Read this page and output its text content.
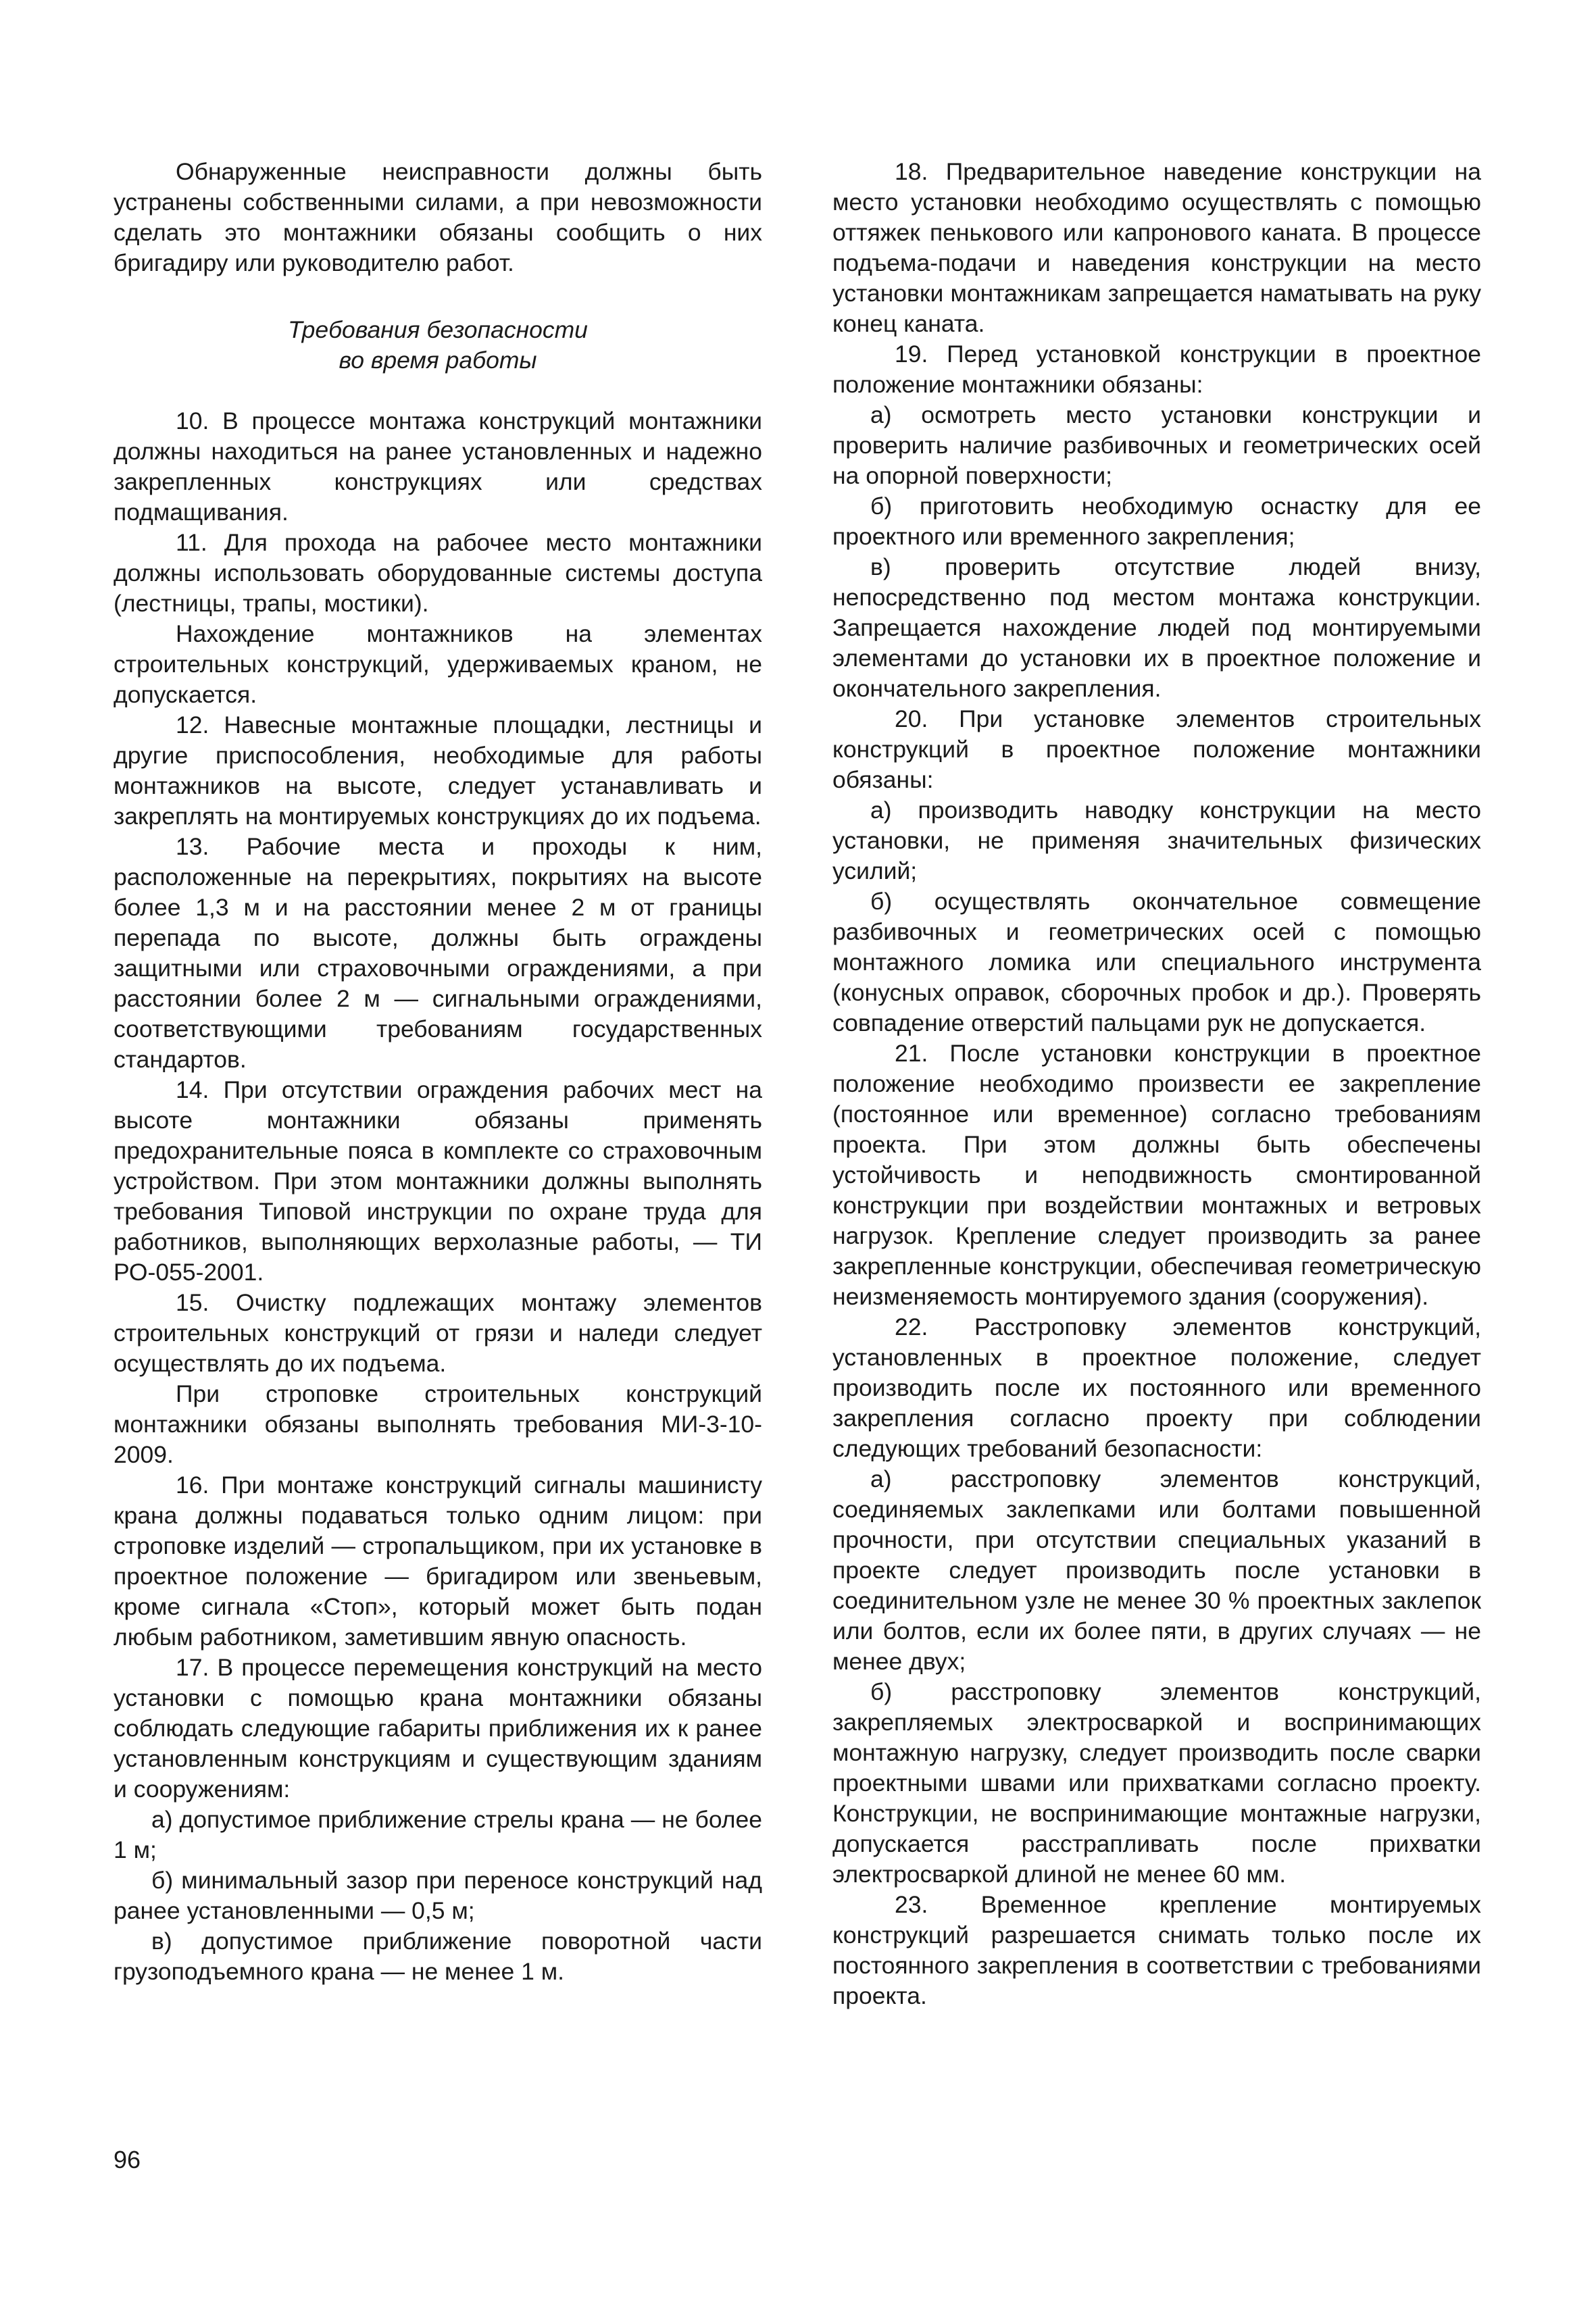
Обнаруженные неисправности должны быть устранены собственными силами, а при невозможности сделать это монтажники обязаны сообщить о них бригадиру или руководителю работ.

Требования безопасности
во время работы

10. В процессе монтажа конструкций монтажники должны находиться на ранее установленных и надежно закрепленных конструкциях или средствах подмащивания.

11. Для прохода на рабочее место монтажники должны использовать оборудованные системы доступа (лестницы, трапы, мостики).

Нахождение монтажников на элементах строительных конструкций, удерживаемых краном, не допускается.

12. Навесные монтажные площадки, лестницы и другие приспособления, необходимые для работы монтажников на высоте, следует устанавливать и закреплять на монтируемых конструкциях до их подъема.

13. Рабочие места и проходы к ним, расположенные на перекрытиях, покрытиях на высоте более 1,3 м и на расстоянии менее 2 м от границы перепада по высоте, должны быть ограждены защитными или страховочными ограждениями, а при расстоянии более 2 м — сигнальными ограждениями, соответствующими требованиям государственных стандартов.

14. При отсутствии ограждения рабочих мест на высоте монтажники обязаны применять предохранительные пояса в комплекте со страховочным устройством. При этом монтажники должны выполнять требования Типовой инструкции по охране труда для работников, выполняющих верхолазные работы, — ТИ РО-055-2001.

15. Очистку подлежащих монтажу элементов строительных конструкций от грязи и наледи следует осуществлять до их подъема.

При строповке строительных конструкций монтажники обязаны выполнять требования МИ-3-10-2009.

16. При монтаже конструкций сигналы машинисту крана должны подаваться только одним лицом: при строповке изделий — стропальщиком, при их установке в проектное положение — бригадиром или звеньевым, кроме сигнала «Стоп», который может быть подан любым работником, заметившим явную опасность.

17. В процессе перемещения конструкций на место установки с помощью крана монтажники обязаны соблюдать следующие габариты приближения их к ранее установленным конструкциям и существующим зданиям и сооружениям:

а) допустимое приближение стрелы крана — не более 1 м;

б) минимальный зазор при переносе конструкций над ранее установленными — 0,5 м;

в) допустимое приближение поворотной части грузоподъемного крана — не менее 1 м.

18. Предварительное наведение конструкции на место установки необходимо осуществлять с помощью оттяжек пенькового или капронового каната. В процессе подъема-подачи и наведения конструкции на место установки монтажникам запрещается наматывать на руку конец каната.

19. Перед установкой конструкции в проектное положение монтажники обязаны:

а) осмотреть место установки конструкции и проверить наличие разбивочных и геометрических осей на опорной поверхности;

б) приготовить необходимую оснастку для ее проектного или временного закрепления;

в) проверить отсутствие людей внизу, непосредственно под местом монтажа конструкции. Запрещается нахождение людей под монтируемыми элементами до установки их в проектное положение и окончательного закрепления.

20. При установке элементов строительных конструкций в проектное положение монтажники обязаны:

а) производить наводку конструкции на место установки, не применяя значительных физических усилий;

б) осуществлять окончательное совмещение разбивочных и геометрических осей с помощью монтажного ломика или специального инструмента (конусных оправок, сборочных пробок и др.). Проверять совпадение отверстий пальцами рук не допускается.

21. После установки конструкции в проектное положение необходимо произвести ее закрепление (постоянное или временное) согласно требованиям проекта. При этом должны быть обеспечены устойчивость и неподвижность смонтированной конструкции при воздействии монтажных и ветровых нагрузок. Крепление следует производить за ранее закрепленные конструкции, обеспечивая геометрическую неизменяемость монтируемого здания (сооружения).

22. Расстроповку элементов конструкций, установленных в проектное положение, следует производить после их постоянного или временного закрепления согласно проекту при соблюдении следующих требований безопасности:

а) расстроповку элементов конструкций, соединяемых заклепками или болтами повышенной прочности, при отсутствии специальных указаний в проекте следует производить после установки в соединительном узле не менее 30 % проектных заклепок или болтов, если их более пяти, в других случаях — не менее двух;

б) расстроповку элементов конструкций, закрепляемых электросваркой и воспринимающих монтажную нагрузку, следует производить после сварки проектными швами или прихватками согласно проекту. Конструкции, не воспринимающие монтажные нагрузки, допускается расстрапливать после прихватки электросваркой длиной не менее 60 мм.

23. Временное крепление монтируемых конструкций разрешается снимать только после их постоянного закрепления в соответствии с требованиями проекта.

96
